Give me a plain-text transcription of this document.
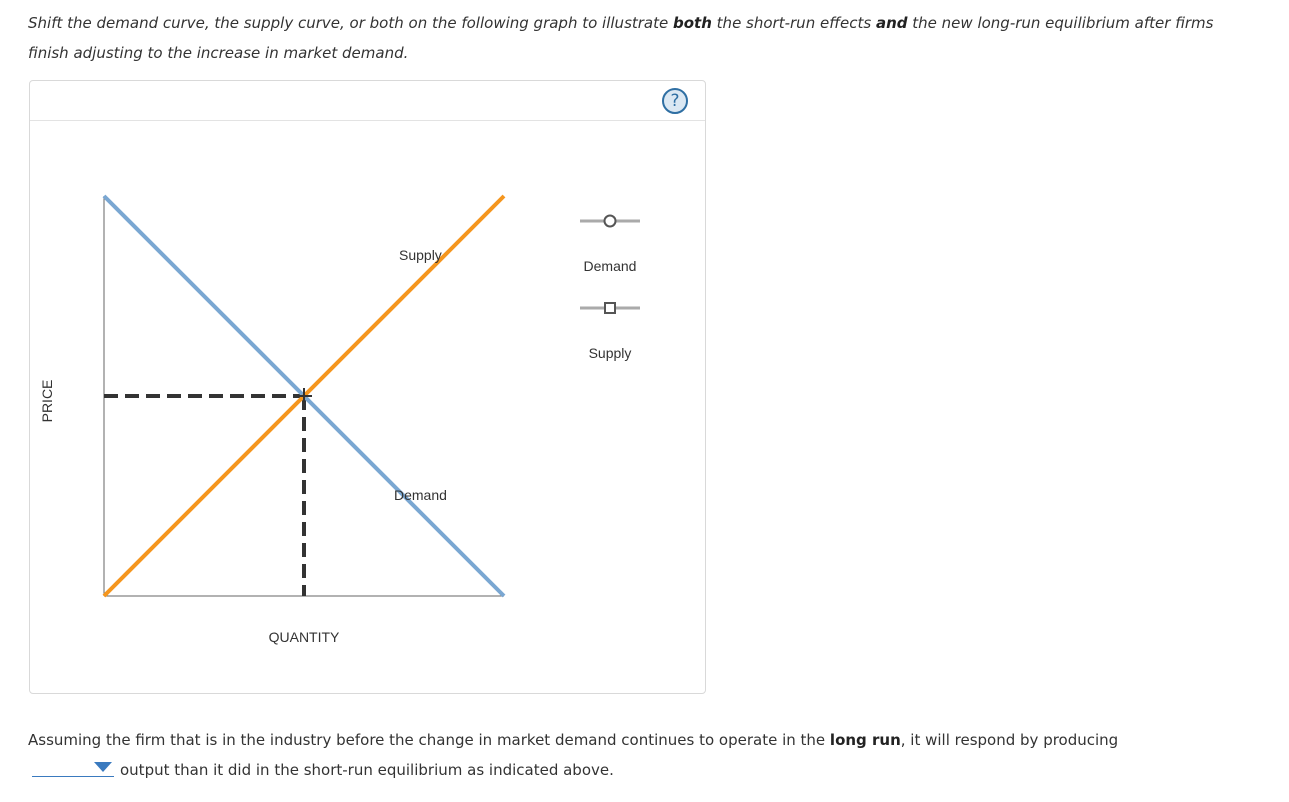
Shift the demand curve, the supply curve, or both on the following graph to illustrate both the short-run effects and the new long-run equilibrium after firms finish adjusting to the increase in market demand.
?
PRICE
QUANTITY
Supply
Demand
Demand
Supply
Assuming the firm that is in the industry before the change in market demand continues to operate in the long run, it will respond by producing

output than it did in the short-run equilibrium as indicated above.
